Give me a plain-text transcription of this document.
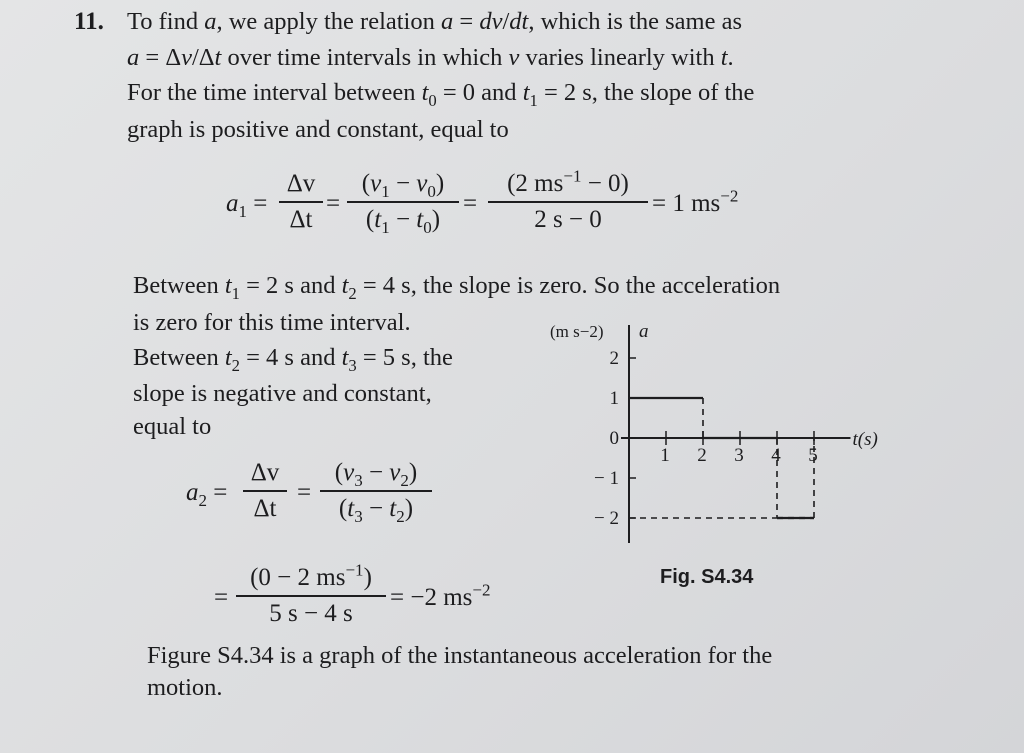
11. To find a, we apply the relation a = dv/dt, which is the same as
a = Δv/Δt over time intervals in which v varies linearly with t.
For the time interval between $t_0 = 0$ and $t_1 = 2$ s, the slope of the
graph is positive and constant, equal to
$a_1$ =
Δv
Δt
=
$(v_1 - v_0)$
$(t_1 - t_0)$
=
(2 $ms^{-1} - 0$)
2 s − 0
= 1 $ms^{-2}$
Between $t_1 = 2$ s and $t_2 = 4$ s, the slope is zero. So the acceleration
is zero for this time interval.
Between $t_2 = 4$ s and $t_3 = 5$ s, the
slope is negative and constant,
equal to
$a_2$ =
Δv
Δt
=
$(v_3 - v_2)$
$(t_3 - t_2)$
=
(0 − 2 $ms^{-1}$)
5 s − 4 s
= −2 $ms^{-2}$
Figure S4.34 is a graph of the instantaneous acceleration for the
motion.
Fig. S4.34
2
1
0
− 1
− 2
1 2 3 4 5
(m s−2) a
t(s)
